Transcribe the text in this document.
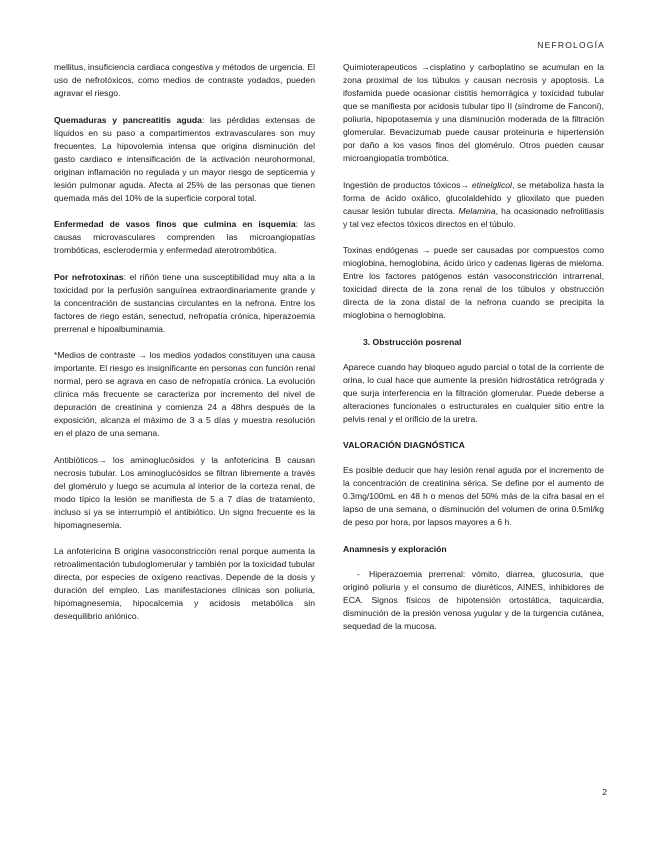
NEFROLOGÍA

mellitus, insuficiencia cardiaca congestiva y métodos de urgencia. El uso de nefrotóxicos, como medios de contraste yodados, pueden agravar el riesgo.

Quemaduras y pancreatitis aguda: las pérdidas extensas de líquidos en su paso a compartimentos extravasculares son muy frecuentes. La hipovolemia intensa que origina disminución del gasto cardiaco e intensificación de la activación neurohormonal, originan inflamación no regulada y un mayor riesgo de septicemia y lesión pulmonar aguda. Afecta al 25% de las personas que tienen quemada más del 10% de la superficie corporal total.

Enfermedad de vasos finos que culmina en isquemia: las causas microvasculares comprenden las microangiopatías trombóticas, esclerodermia y enfermedad aterotrombótica.

Por nefrotoxinas: el riñón tiene una susceptibilidad muy alta a la toxicidad por la perfusión sanguínea extraordinariamente grande y la concentración de sustancias circulantes en la nefrona. Entre los factores de riego están, senectud, nefropatía crónica, hiperazoemia prerrenal e hipoalbuminamia.

*Medios de contraste → los medios yodados constituyen una causa importante. El riesgo es insignificante en personas con función renal normal, pero se agrava en caso de nefropatía crónica. La evolución clínica más frecuente se caracteriza por incremento del nivel de depuración de creatinina y comienza 24 a 48hrs después de la exposición, alcanza el máximo de 3 a 5 días y muestra resolución en el plazo de una semana.

Antibióticos→ los aminoglucósidos y la anfotericina B causan necrosis tubular. Los aminoglucósidos se filtran libremente a través del glomérulo y luego se acumula al interior de la corteza renal, de modo típico la lesión se manifiesta de 5 a 7 días de tratamiento, incluso si ya se interrumpió el antibiótico. Un signo frecuente es la hipomagnesemia.

La anfotericina B origina vasoconstricción renal porque aumenta la retroalimentación tubuloglomerular y también por la toxicidad tubular directa, por especies de oxígeno reactivas. Depende de la dosis y duración del empleo. Las manifestaciones clínicas son poliuria, hipomagnesemia, hipocalcemia y acidosis metabólica sin desequilibrio aniónico.

Quimioterapeuticos →cisplatino y carboplatino se acumulan en la zona proximal de los túbulos y causan necrosis y apoptosis. La ifosfamida puede ocasionar cistitis hemorrágica y toxicidad tubular que se manifiesta por acidosis tubular tipo II (síndrome de Fanconi), poliuria, hipopotasemia y una disminución moderada de la filtración glomerular. Bevacizumab puede causar proteinuria e hipertensión por daño a los vasos finos del glomérulo. Otros pueden causar microangiopatía trombótica.

Ingestión de productos tóxicos→ etinelglicol, se metaboliza hasta la forma de ácido oxálico, glucolaldehído y glioxilato que pueden causar lesión tubular directa. Melamina, ha ocasionado nefrolitiasis y tal vez efectos tóxicos directos en el túbulo.

Toxinas endógenas → puede ser causadas por compuestos como mioglobina, hemoglobina, ácido úrico y cadenas ligeras de mieloma. Entre los factores patógenos están vasoconstricción intrarrenal, toxicidad directa de la zona renal de los túbulos y obstrucción directa de la zona distal de la nefrona cuando se precipita la mioglobina o hemoglobina.

3. Obstrucción posrenal

Aparece cuando hay bloqueo agudo parcial o total de la corriente de orina, lo cual hace que aumente la presión hidrostática retrógrada y que surja interferencia en la filtración glomerular. Puede deberse a alteraciones funcionales o estructurales en cualquier sitio entre la pelvis renal y el orificio de la uretra.

VALORACIÓN DIAGNÓSTICA

Es posible deducir que hay lesión renal aguda por el incremento de la concentración de creatinina sérica. Se define por el aumento de 0.3mg/100mL en 48 h o menos del 50% más de la cifra basal en el lapso de una semana, o disminución del volumen de orina 0.5ml/kg de peso por hora, por lapsos mayores a 6 h.

Anamnesis y exploración

- Hiperazoemia prerrenal: vómito, diarrea, glucosuria, que originó poliuria y el consumo de diuréticos, AINES, inhibidores de ECA. Signos físicos de hipotensión ortostática, taquicardia, disminución de la presión venosa yugular y de la turgencia cutánea, sequedad de la mucosa.

2
